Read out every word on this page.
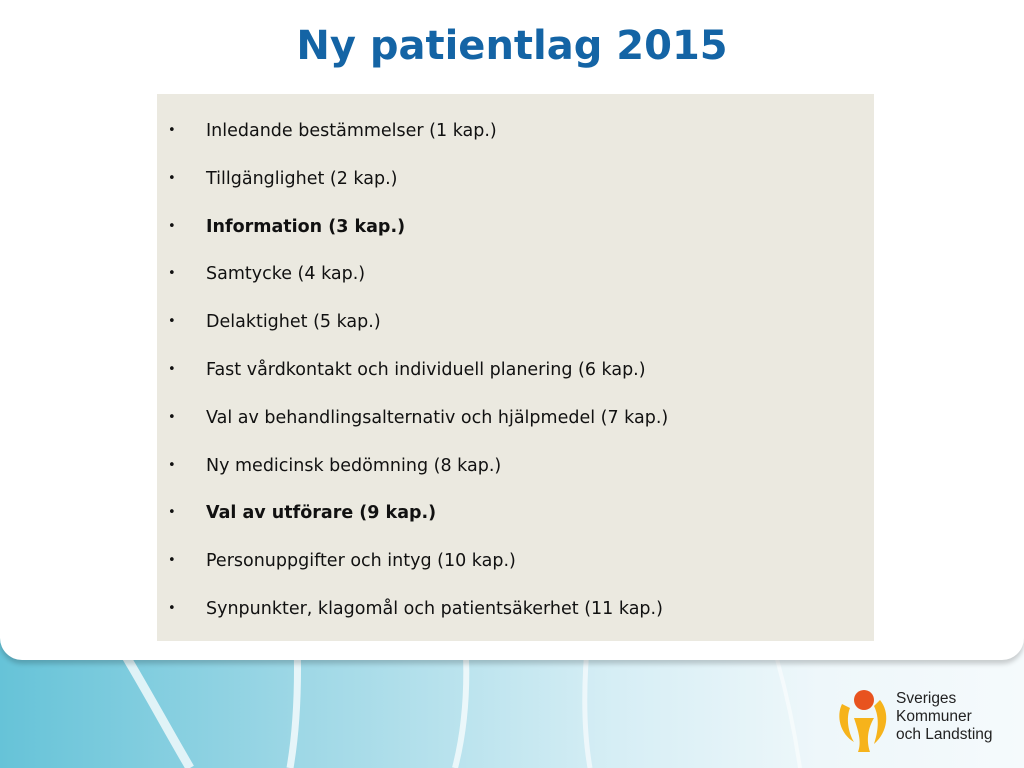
Ny patientlag 2015
• Inledande bestämmelser (1 kap.)
• Tillgänglighet (2 kap.)
• Information (3 kap.)
• Samtycke (4 kap.)
• Delaktighet (5 kap.)
• Fast vårdkontakt och individuell planering (6 kap.)
• Val av behandlingsalternativ och hjälpmedel (7 kap.)
• Ny medicinsk bedömning (8 kap.)
• Val av utförare (9 kap.)
• Personuppgifter och intyg (10 kap.)
• Synpunkter, klagomål och patientsäkerhet (11 kap.)
Sveriges
Kommuner
och Landsting
